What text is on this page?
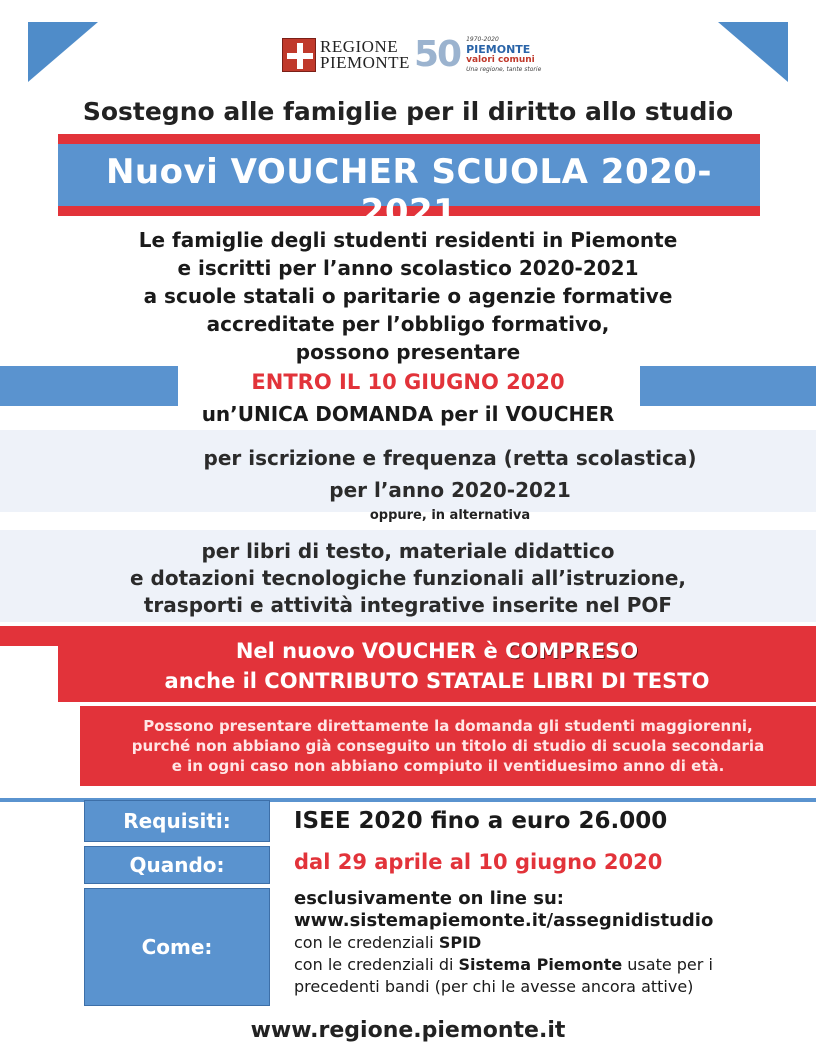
REGIONE
PIEMONTE 50 1970-2020
PIEMONTE
valori comuni
Una regione, tante storie
Sostegno alle famiglie per il diritto allo studio
Nuovi VOUCHER SCUOLA 2020-2021
Le famiglie degli studenti residenti in Piemonte
e iscritti per l’anno scolastico 2020-2021
a scuole statali o paritarie o agenzie formative
accreditate per l’obbligo formativo,
possono presentare
ENTRO IL 10 GIUGNO 2020
un’UNICA DOMANDA per il VOUCHER
per iscrizione e frequenza (retta scolastica)
per l’anno 2020-2021
oppure, in alternativa
per libri di testo, materiale didattico
e dotazioni tecnologiche funzionali all’istruzione,
trasporti e attività integrative inserite nel POF
Nel nuovo VOUCHER è COMPRESO
anche il CONTRIBUTO STATALE LIBRI DI TESTO
Possono presentare direttamente la domanda gli studenti maggiorenni,
purché non abbiano già conseguito un titolo di studio di scuola secondaria
e in ogni caso non abbiano compiuto il ventiduesimo anno di età.
Requisiti:	ISEE 2020 fino a euro 26.000
Quando:	dal 29 aprile al 10 giugno 2020
Come:
esclusivamente on line su:
www.sistemapiemonte.it/assegnidistudio
con le credenziali SPID
con le credenziali di Sistema Piemonte usate per i
precedenti bandi (per chi le avesse ancora attive)
www.regione.piemonte.it
